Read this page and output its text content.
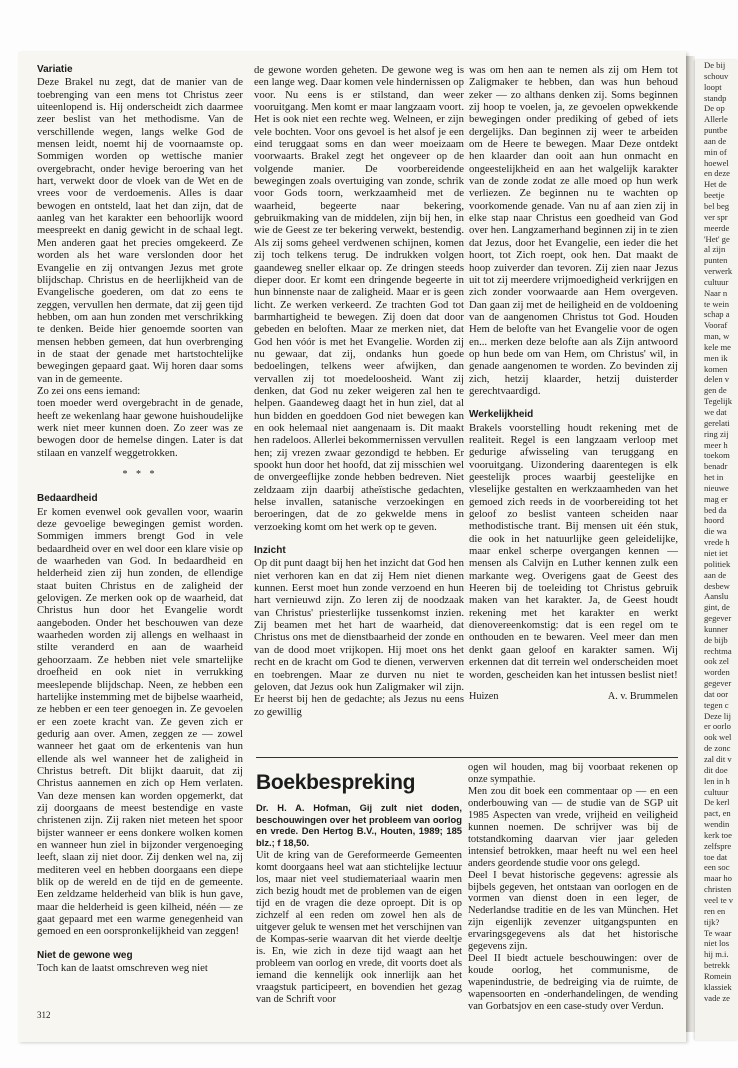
De bij
schouv
loopt
standp
De op
Allerle
puntbe
aan de
min of
hoewel
en deze
Het de
beetje
bel beg
ver spr
meerde
'Het' ge
al zijn
punten
verwerk
cultuur
Naar n
te wein
schap a
Vooraf
man, w
kele me
men ik
komen
delen v
gen de
Tegelijk
we dat
gerelati
ring zij
meer h
toekom
benadr
het in
nieuwe
mag er
bed da
hoord
die wa
vrede h
niet iet
politiek
aan de
desbew
Aanslu
gint, de
gegever
kunner
de bijb
rechtma
ook zel
worden
gegever
dat oor
tegen c
Deze lij
er oorlo
ook wel
de zonc
zal dit v
dit doe
len in h
cultuur
De kerl
pact, en
wendin
kerk toe
zelfspre
toe dat
een soc
maar ho
christen
veel te v
ren en
tijk?
Te waar
niet los
hij m.i.
betrekk
Romein
klassiek
vade ze
Variatie

Deze Brakel nu zegt, dat de manier van de toebrenging van een mens tot Christus zeer uiteenlopend is. Hij onderscheidt zich daarmee zeer beslist van het methodisme. Van de verschillende wegen, langs welke God de mensen leidt, noemt hij de voornaamste op. Sommigen worden op wettische manier overgebracht, onder hevige beroering van het hart, verwekt door de vloek van de Wet en de vrees voor de verdoemenis. Alles is daar bewogen en ontsteld, laat het dan zijn, dat de aanleg van het karakter een behoorlijk woord meespreekt en danig gewicht in de schaal legt. Men anderen gaat het precies omgekeerd. Ze worden als het ware verslonden door het Evangelie en zij ontvangen Jezus met grote blijdschap. Christus en de heerlijkheid van de Evangelische goederen, om dat zo eens te zeggen, vervullen hen dermate, dat zij geen tijd hebben, om aan hun zonden met verschrikking te denken. Beide hier genoemde soorten van mensen hebben gemeen, dat hun overbrenging in de staat der genade met hartstochtelijke bewegingen gepaard gaat. Wij horen daar soms van in de gemeente.

Zo zei ons eens iemand:

toen moeder werd overgebracht in de genade, heeft ze wekenlang haar gewone huishoudelijke werk niet meer kunnen doen. Zo zeer was ze bewogen door de hemelse dingen. Later is dat stilaan en vanzelf weggetrokken.

* * *
Bedaardheid

Er komen evenwel ook gevallen voor, waarin deze gevoelige bewegingen gemist worden. Sommigen immers brengt God in vele bedaardheid over en wel door een klare visie op de waarheden van God. In bedaardheid en helderheid zien zij hun zonden, de ellendige staat buiten Christus en de zaligheid der gelovigen. Ze merken ook op de waarheid, dat Christus hun door het Evangelie wordt aangeboden. Onder het beschouwen van deze waarheden worden zij allengs en welhaast in stilte veranderd en aan de waarheid gehoorzaam. Ze hebben niet vele smartelijke droefheid en ook niet in verrukking meeslepende blijdschap. Neen, ze hebben een hartelijke instemming met de bijbelse waarheid, ze hebben er een teer genoegen in. Ze gevoelen er een zoete kracht van. Ze geven zich er gedurig aan over. Amen, zeggen ze — zowel wanneer het gaat om de erkentenis van hun ellende als wel wanneer het de zaligheid in Christus betreft. Dit blijkt daaruit, dat zij Christus aannemen en zich op Hem verlaten. Van deze mensen kan worden opgemerkt, dat zij doorgaans de meest bestendige en vaste christenen zijn. Zij raken niet meteen het spoor bijster wanneer er eens donkere wolken komen en wanneer hun ziel in bijzonder vergenoeging leeft, slaan zij niet door. Zij denken wel na, zij mediteren veel en hebben doorgaans een diepe blik op de wereld en de tijd en de gemeente. Een zeldzame helderheid van blik is hun gave, maar die helderheid is geen kilheid, néén — ze gaat gepaard met een warme genegenheid van gemoed en een oorspronkelijkheid van zeggen!

Niet de gewone weg

Toch kan de laatst omschreven weg niet

de gewone worden geheten. De gewone weg is een lange weg. Daar komen vele hindernissen op voor. Nu eens is er stilstand, dan weer vooruitgang. Men komt er maar langzaam voort. Het is ook niet een rechte weg. Welneen, er zijn vele bochten. Voor ons gevoel is het alsof je een eind teruggaat soms en dan weer moeizaam voorwaarts. Brakel zegt het ongeveer op de volgende manier. De voorbereidende bewegingen zoals overtuiging van zonde, schrik voor Gods toorn, werkzaamheid met de waarheid, begeerte naar bekering, gebruikmaking van de middelen, zijn bij hen, in wie de Geest ze ter bekering verwekt, bestendig. Als zij soms geheel verdwenen schijnen, komen zij toch telkens terug. De indrukken volgen gaandeweg sneller elkaar op. Ze dringen steeds dieper door. Er komt een dringende begeerte in hun binnenste naar de zaligheid. Maar er is geen licht. Ze werken verkeerd. Ze trachten God tot barmhartigheid te bewegen. Zij doen dat door gebeden en beloften. Maar ze merken niet, dat God hen vóór is met het Evangelie. Worden zij nu gewaar, dat zij, ondanks hun goede bedoelingen, telkens weer afwijken, dan vervallen zij tot moedeloosheid. Want zij denken, dat God nu zeker weigeren zal hen te helpen. Gaandeweg daagt het in hun ziel, dat al hun bidden en goeddoen God niet bewegen kan en ook helemaal niet aangenaam is. Dit maakt hen radeloos. Allerlei bekommernissen vervullen hen; zij vrezen zwaar gezondigd te hebben. Er spookt hun door het hoofd, dat zij misschien wel de onvergeeflijke zonde hebben bedreven. Niet zeldzaam zijn daarbij atheïstische gedachten, helse invallen, satanische verzoekingen en beroeringen, dat de zo gekwelde mens in verzoeking komt om het werk op te geven.

Inzicht

Op dit punt daagt bij hen het inzicht dat God hen niet verhoren kan en dat zij Hem niet dienen kunnen. Eerst moet hun zonde verzoend en hun hart vernieuwd zijn. Zo leren zij de noodzaak van Christus' priesterlijke tussenkomst inzien. Zij beamen met het hart de waarheid, dat Christus ons met de dienstbaarheid der zonde en van de dood moet vrijkopen. Hij moet ons het recht en de kracht om God te dienen, verwerven en toebrengen. Maar ze durven nu niet te geloven, dat Jezus ook hun Zaligmaker wil zijn. Er heerst bij hen de gedachte; als Jezus nu eens zo gewillig

was om hen aan te nemen als zij om Hem tot Zaligmaker te hebben, dan was hun behoud zeker — zo althans denken zij. Soms beginnen zij hoop te voelen, ja, ze gevoelen opwekkende bewegingen onder prediking of gebed of iets dergelijks. Dan beginnen zij weer te arbeiden om de Heere te bewegen. Maar Deze ontdekt hen klaarder dan ooit aan hun onmacht en ongeestelijkheid en aan het walgelijk karakter van de zonde zodat ze alle moed op hun werk verliezen. Ze beginnen nu te wachten op voorkomende genade. Van nu af aan zien zij in elke stap naar Christus een goedheid van God over hen. Langzamerhand beginnen zij in te zien dat Jezus, door het Evangelie, een ieder die het hoort, tot Zich roept, ook hen. Dat maakt de hoop zuiverder dan tevoren. Zij zien naar Jezus uit tot zij meerdere vrijmoedigheid verkrijgen en zich zonder voorwaarde aan Hem overgeven. Dan gaan zij met de heiligheid en de voldoening van de aangenomen Christus tot God. Houden Hem de belofte van het Evangelie voor de ogen en... merken deze belofte aan als Zijn antwoord op hun bede om van Hem, om Christus' wil, in genade aangenomen te worden. Zo bevinden zij zich, hetzij klaarder, hetzij duisterder gerechtvaardigd.

Werkelijkheid

Brakels voorstelling houdt rekening met de realiteit. Regel is een langzaam verloop met gedurige afwisseling van teruggang en vooruitgang. Uizondering daarentegen is elk geestelijk proces waarbij geestelijke en vleselijke gestalten en werkzaamheden van het gemoed zich reeds in de voorbereiding tot het geloof zo beslist vanteen scheiden naar methodistische trant. Bij mensen uit één stuk, die ook in het natuurlijke geen geleidelijke, maar enkel scherpe overgangen kennen — mensen als Calvijn en Luther kennen zulk een markante weg. Overigens gaat de Geest des Heeren bij de toeleiding tot Christus gebruik maken van het karakter. Ja, de Geest houdt rekening met het karakter en werkt dienovereenkomstig: dat is een regel om te onthouden en te bewaren. Veel meer dan men denkt gaan geloof en karakter samen. Wij erkennen dat dit terrein wel onderscheiden moet worden, gescheiden kan het intussen beslist niet!

Huizen	A. v. Brummelen
Boekbespreking
Dr. H. A. Hofman, Gij zult niet doden, beschouwingen over het probleem van oorlog en vrede. Den Hertog B.V., Houten, 1989; 185 blz.; f 18,50.

Uit de kring van de Gereformeerde Gemeenten komt doorgaans heel wat aan stichtelijke lectuur los, maar niet veel studiemateriaal waarin men zich bezig houdt met de problemen van de eigen tijd en de vragen die deze oproept. Dit is op zichzelf al een reden om zowel hen als de uitgever geluk te wensen met het verschijnen van de Kompas-serie waarvan dit het vierde deeltje is. En, wie zich in deze tijd waagt aan het probleem van oorlog en vrede, dit voorts doet als iemand die kennelijk ook innerlijk aan het vraagstuk participeert, en bovendien het gezag van de Schrift voor

ogen wil houden, mag bij voorbaat rekenen op onze sympathie.

Men zou dit boek een commentaar op — en een onderbouwing van — de studie van de SGP uit 1985 Aspecten van vrede, vrijheid en veiligheid kunnen noemen. De schrijver was bij de totstandkoming daarvan vier jaar geleden intensief betrokken, maar heeft nu wel een heel anders geordende studie voor ons gelegd.

Deel I bevat historische gegevens: agressie als bijbels gegeven, het ontstaan van oorlogen en de vormen van dienst doen in een leger, de Nederlandse traditie en de les van München. Het zijn eigenlijk zevenzer uitgangspunten en ervaringsgegevens als dat het historische gegevens zijn.

Deel II biedt actuele beschouwingen: over de koude oorlog, het communisme, de wapenindustrie, de bedreiging via de ruimte, de wapensoorten en -onderhandelingen, de wending van Gorbatsjov en een case-study over Verdun.

312
